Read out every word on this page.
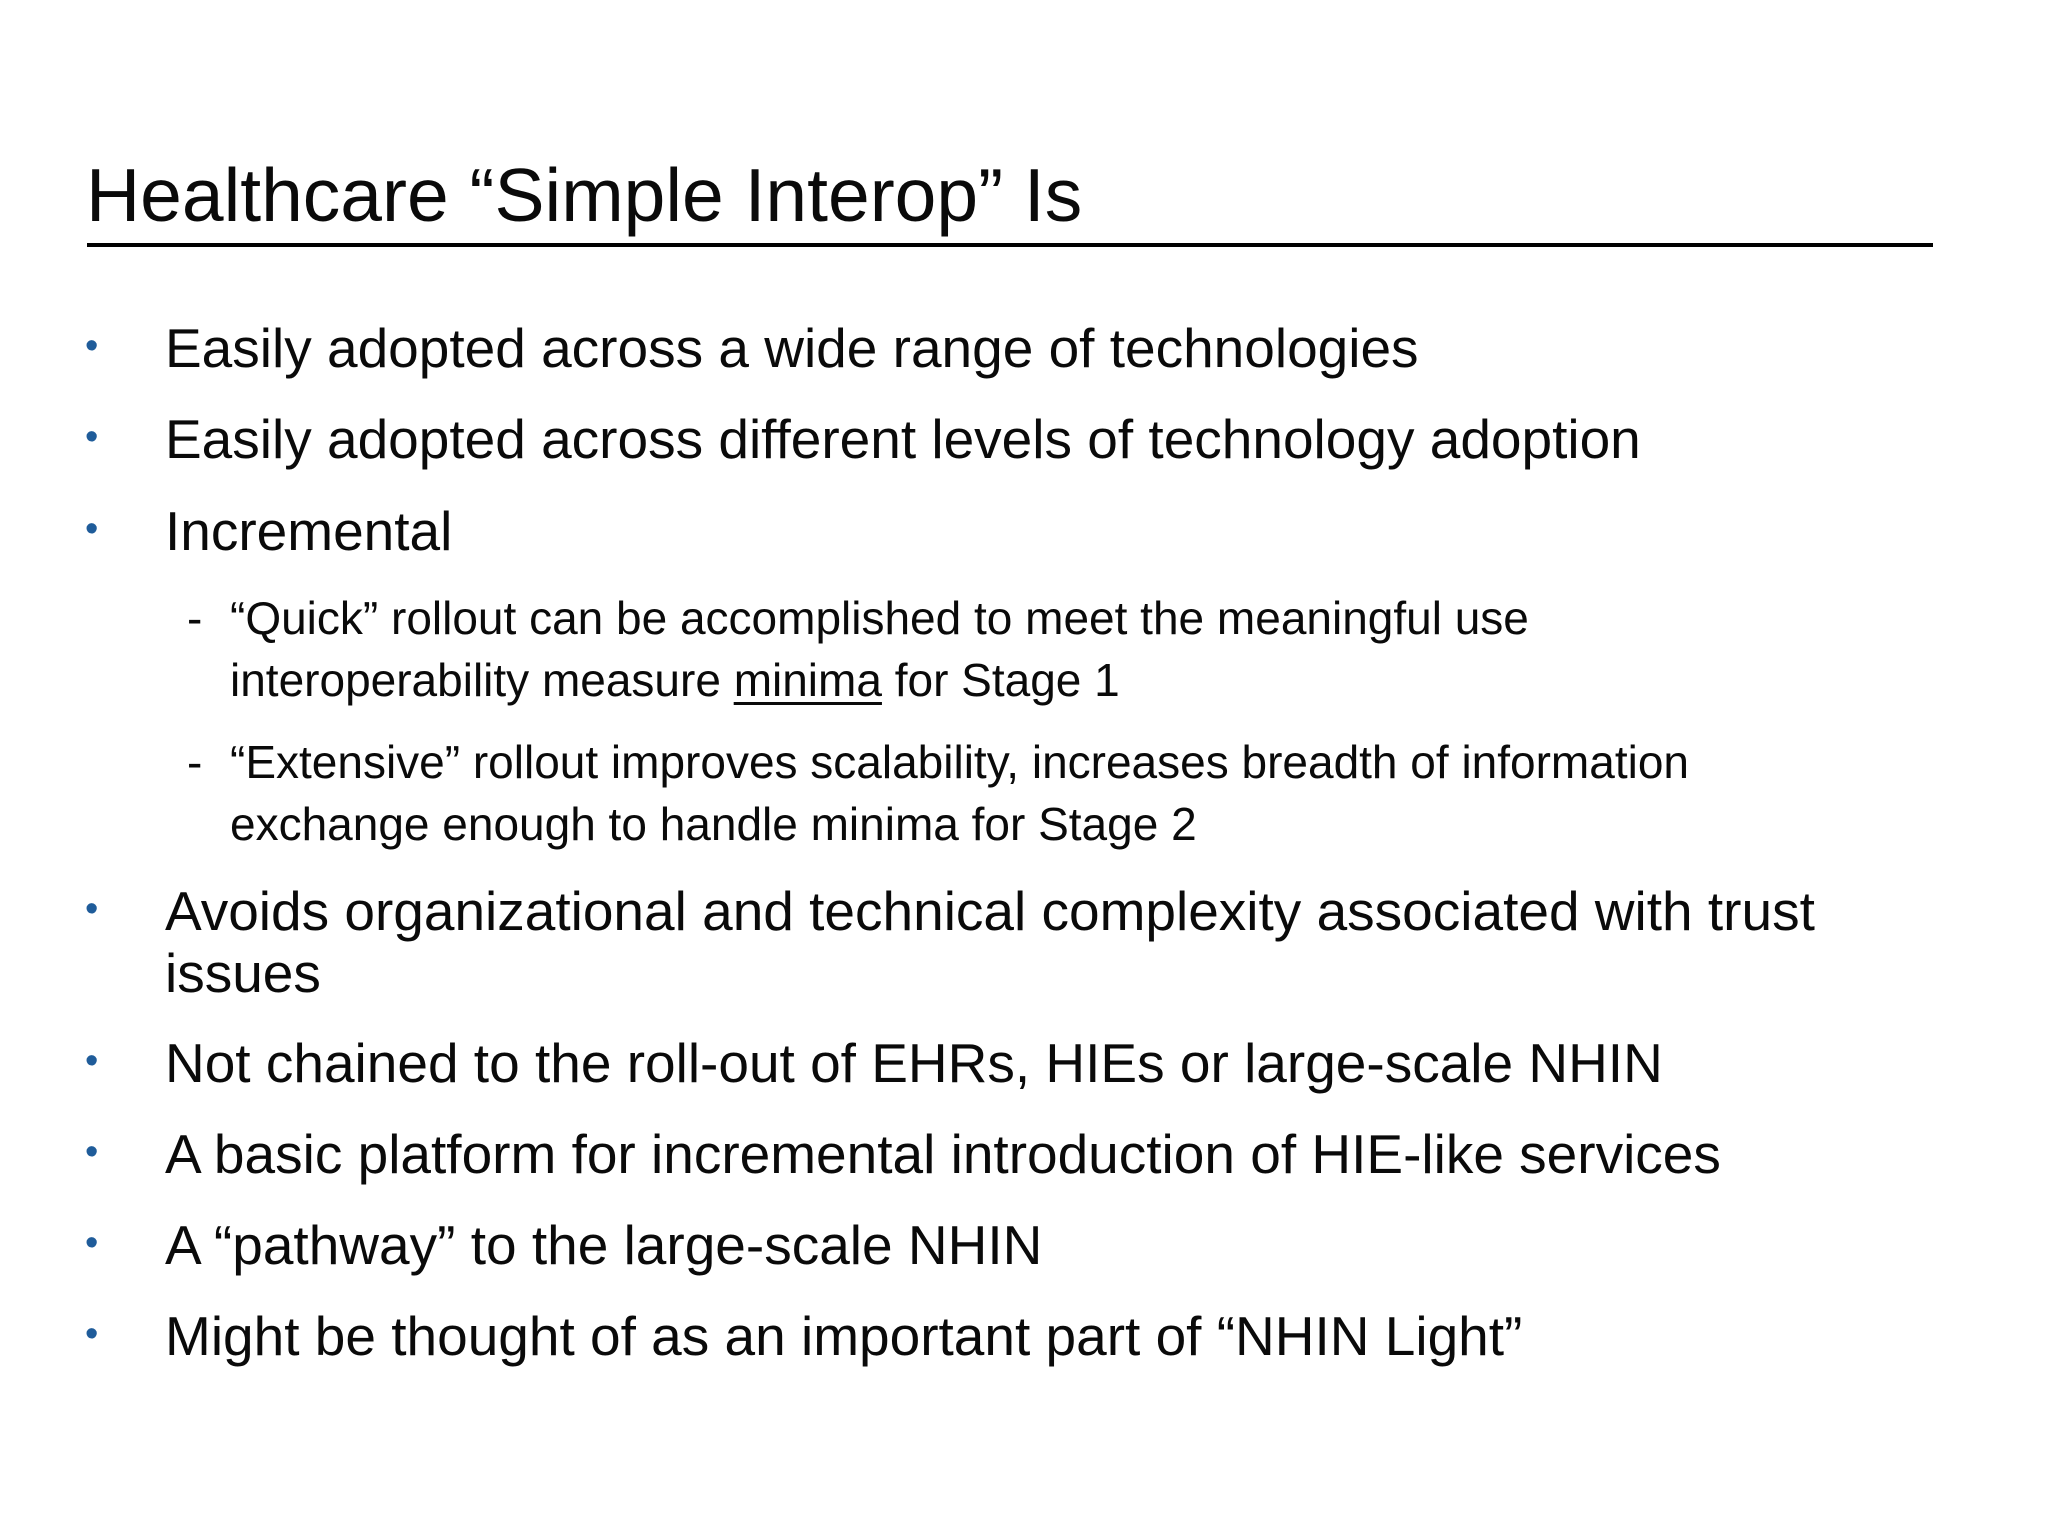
Healthcare “Simple Interop” Is
• Easily adopted across a wide range of technologies
• Easily adopted across different levels of technology adoption
• Incremental
- “Quick” rollout can be accomplished to meet the meaningful use
interoperability measure minima for Stage 1
- “Extensive” rollout improves scalability, increases breadth of information
exchange enough to handle minima for Stage 2
• Avoids organizational and technical complexity associated with trust
issues
• Not chained to the roll-out of EHRs, HIEs or large-scale NHIN
• A basic platform for incremental introduction of HIE-like services
• A “pathway” to the large-scale NHIN
• Might be thought of as an important part of “NHIN Light”
